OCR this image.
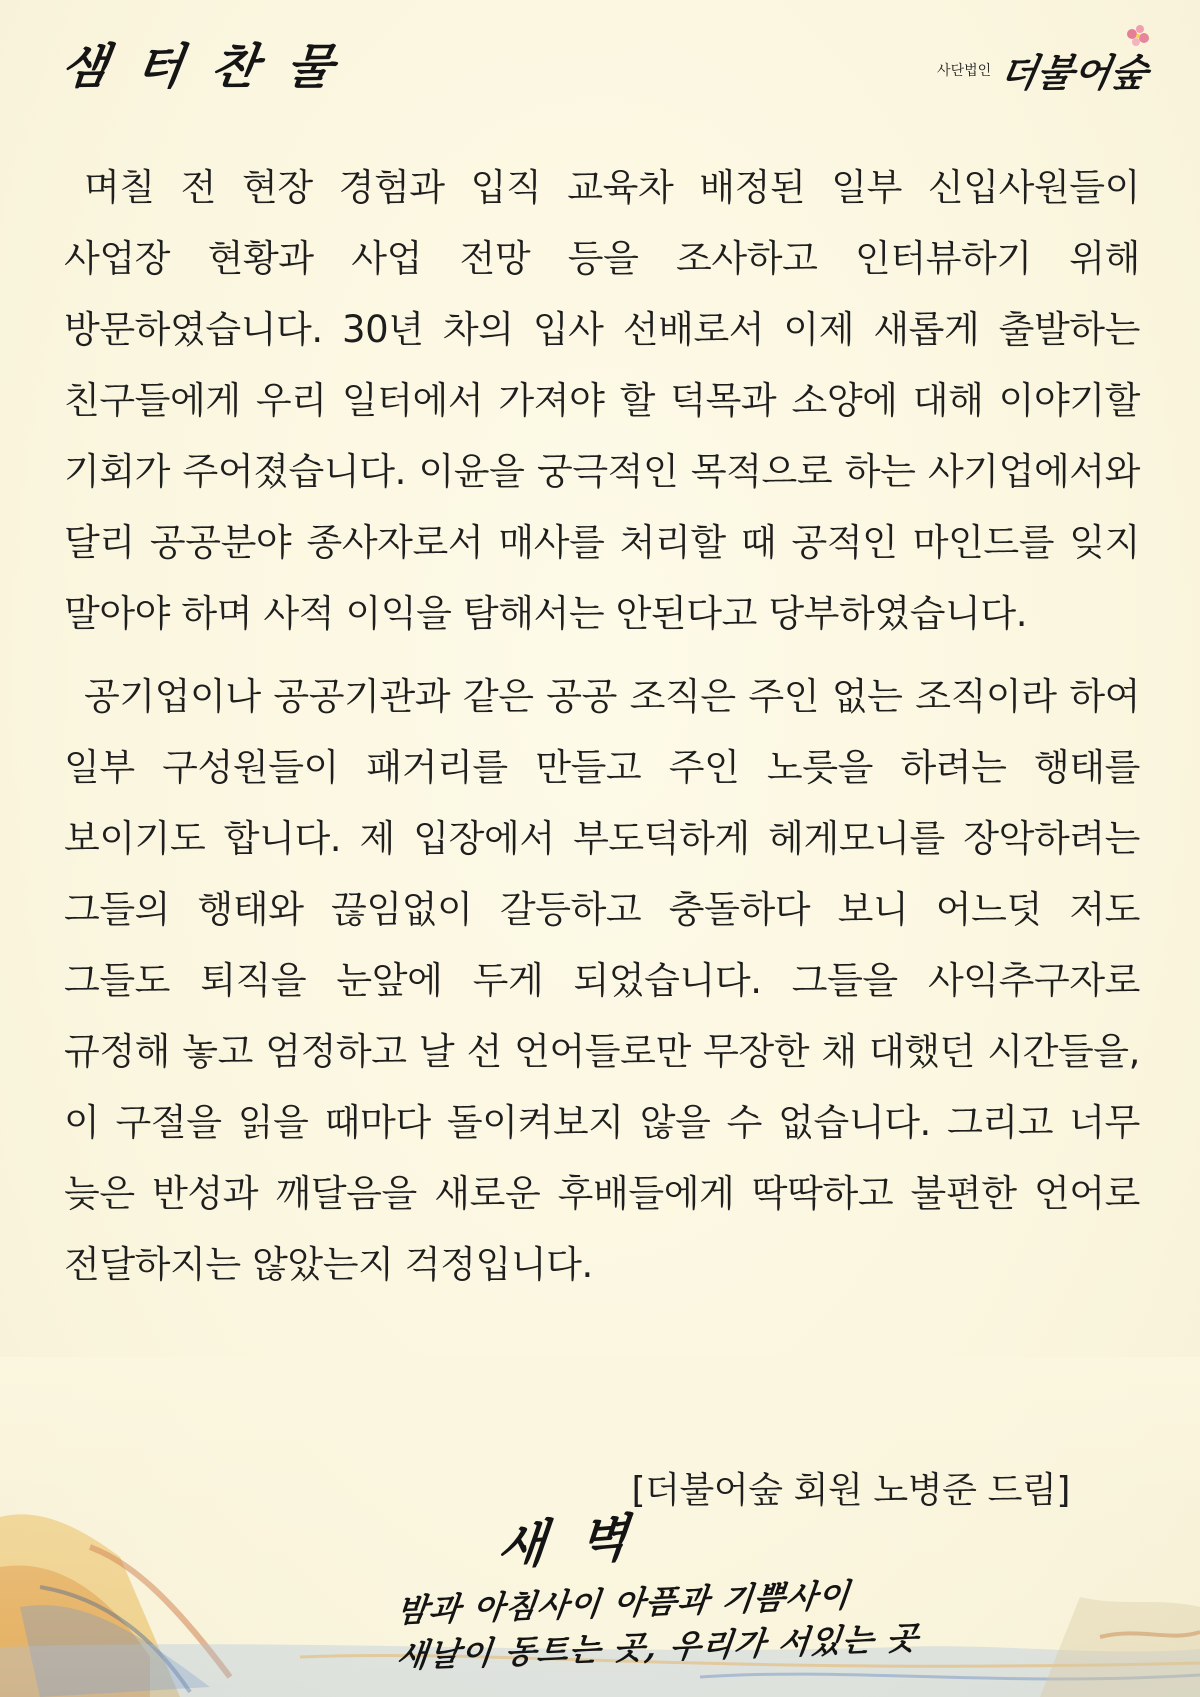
샘 터 찬 물	사단법인 더불어숲

며칠 전 현장 경험과 입직 교육차 배정된 일부 신입사원들이 사업장 현황과 사업 전망 등을 조사하고 인터뷰하기 위해 방문하였습니다. 30년 차의 입사 선배로서 이제 새롭게 출발하는 친구들에게 우리 일터에서 가져야 할 덕목과 소양에 대해 이야기할 기회가 주어졌습니다. 이윤을 궁극적인 목적으로 하는 사기업에서와 달리 공공분야 종사자로서 매사를 처리할 때 공적인 마인드를 잊지 말아야 하며 사적 이익을 탐해서는 안된다고 당부하였습니다.

공기업이나 공공기관과 같은 공공 조직은 주인 없는 조직이라 하여 일부 구성원들이 패거리를 만들고 주인 노릇을 하려는 행태를 보이기도 합니다. 제 입장에서 부도덕하게 헤게모니를 장악하려는 그들의 행태와 끊임없이 갈등하고 충돌하다 보니 어느덧 저도 그들도 퇴직을 눈앞에 두게 되었습니다. 그들을 사익추구자로 규정해 놓고 엄정하고 날 선 언어들로만 무장한 채 대했던 시간들을, 이 구절을 읽을 때마다 돌이켜보지 않을 수 없습니다. 그리고 너무 늦은 반성과 깨달음을 새로운 후배들에게 딱딱하고 불편한 언어로 전달하지는 않았는지 걱정입니다.

[더불어숲 회원 노병준 드림]
새 벽
밤과 아침사이 아픔과 기쁨사이
새날이 동트는 곳, 우리가 서있는 곳
